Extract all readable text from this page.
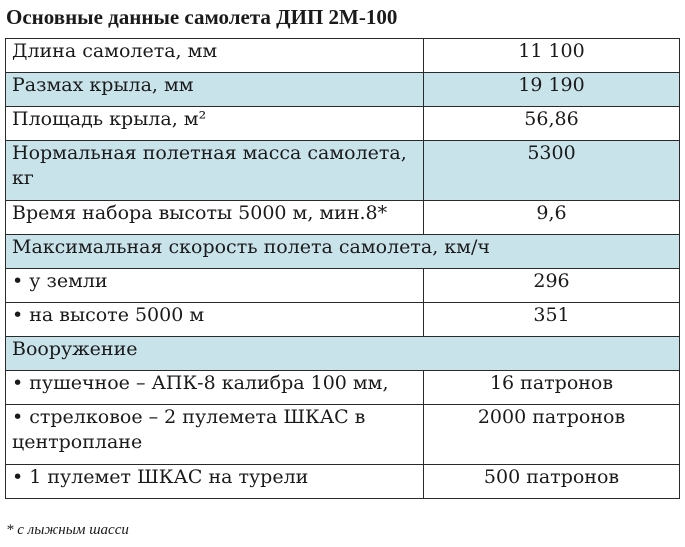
Основные данные самолета ДИП 2М-100
Длина самолета, мм	11 100
Размах крыла, мм	19 190
Площадь крыла, м²	56,86
Нормальная полетная масса самолета, кг	5300
Время набора высоты 5000 м, мин.8*	9,6
Максимальная скорость полета самолета, км/ч	
• у земли	296
• на высоте 5000 м	351
Вооружение	
• пушечное – АПК-8 калибра 100 мм,	16 патронов
• стрелковое – 2 пулемета ШКАС в центроплане	2000 патронов
• 1 пулемет ШКАС на турели	500 патронов
* с лыжным шасси
